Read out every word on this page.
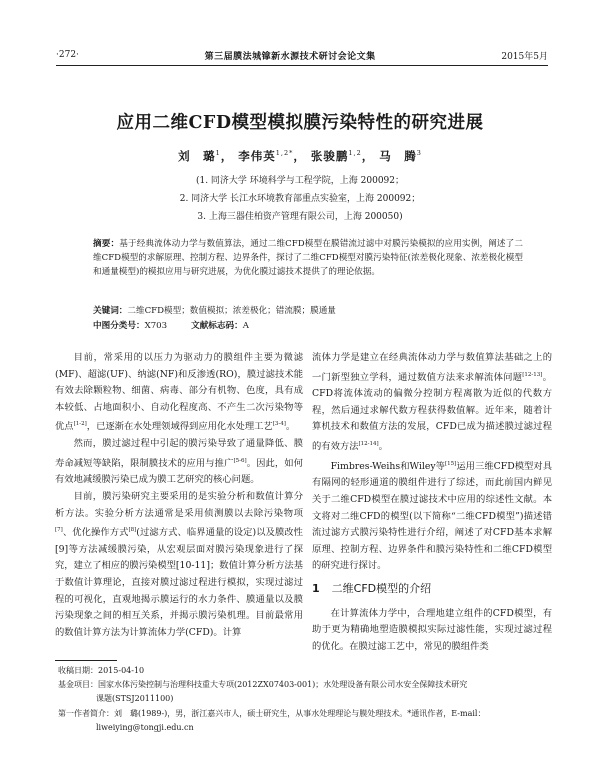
·272·	第三届膜法城镎新水源技术研讨会论文集	2015年5月
应用二维CFD模型模拟膜污染特性的研究进展
刘　璐$^1$， 李伟英$^{1,2*}$， 张骏鹏$^{1,2}$， 马　腾$^3$
(1. 同济大学 环境科学与工程学院，上海 200092；
2. 同济大学 长江水环境教育部重点实验室，上海 200092；
3. 上海三器佳柏资产管理有限公司，上海 200050)
摘要：基于经典流体动力学与数值算法，通过二维CFD模型在膜错流过滤中对膜污染模拟的应用实例，阐述了二维CFD模型的求解原理、控制方程、边界条件，探讨了二维CFD模型对膜污染特征(浓差极化现象、浓差极化模型和通量模型)的模拟应用与研究进展，为优化膜过滤技术提供了的理论依据。
关键词：二维CFD模型；数值模拟；浓差极化；错流膜；膜通量
中图分类号：X703	文献标志码：A

目前，常采用的以压力为驱动力的膜组件主要为微滤(MF)、超滤(UF)、纳滤(NF)和反渗透(RO)，膜过滤技术能有效去除颗粒物、细菌、病毒、部分有机物、色度，具有成本较低、占地面积小、自动化程度高、不产生二次污染物等优点[1-2]，已逐渐在水处理领域得到应用化水处理工艺[3-4]。

然而，膜过滤过程中引起的膜污染导致了通量降低、膜寿命减短等缺陷，限制膜技术的应用与推广[5-6]。因此，如何有效地减缓膜污染已成为膜工艺研究的核心问题。

目前，膜污染研究主要采用的是实验分析和数值计算分析方法。实验分析方法通常是采用侦测膜以去除污染物项[7]、优化操作方式[8](过滤方式、临界通量的设定)以及膜改性[9]等方法减缓膜污染，从宏观层面对膜污染现象进行了探究，建立了相应的膜污染模型[10-11]；数值计算分析方法基于数值计算理论，直接对膜过滤过程进行模拟，实现过滤过程的可视化，直观地揭示膜运行的水力条件、膜通量以及膜污染现象之间的相互关系，并揭示膜污染机理。目前最常用的数值计算方法为计算流体力学(CFD)。计算

流体力学是建立在经典流体动力学与数值算法基础之上的一门新型独立学科，通过数值方法来求解流体问题[12-13]。CFD将流体流动的偏微分控制方程离散为近似的代数方程，然后通过求解代数方程获得数值解。近年来，随着计算机技术和数值方法的发展，CFD已成为描述膜过滤过程的有效方法[12-14]。

Fimbres-Weihs和Wiley等[15]运用三维CFD模型对具有隔网的轻形通道的膜组件进行了综述，而此前国内鲜见关于二维CFD模型在膜过滤技术中应用的综述性文献。本文将对二维CFD的模型(以下简称“二维CFD模型”)描述错流过滤方式膜污染特性进行介绍，阐述了对CFD基本求解原理、控制方程、边界条件和膜污染特性和二维CFD模型的研究进行探讨。

1 二维CFD模型的介绍

在计算流体力学中，合理地建立组件的CFD模型，有助于更为精确地塑造膜模拟实际过滤性能，实现过滤过程的优化。在膜过滤工艺中，常见的膜组件类

收稿日期： 2015-04-10
基金项目： 国家水体污染控制与治理科技重大专项(2012ZX07403-001)；水处理设备有限公司水安全保障技术研究
课题(STSJ2011100)
第一作者简介： 刘　璐(1989-)，男，浙江嘉兴市人，硕士研究生，从事水处理理论与膜处理技术。*通讯作者，E-mail：
liweiying@tongji.edu.cn
